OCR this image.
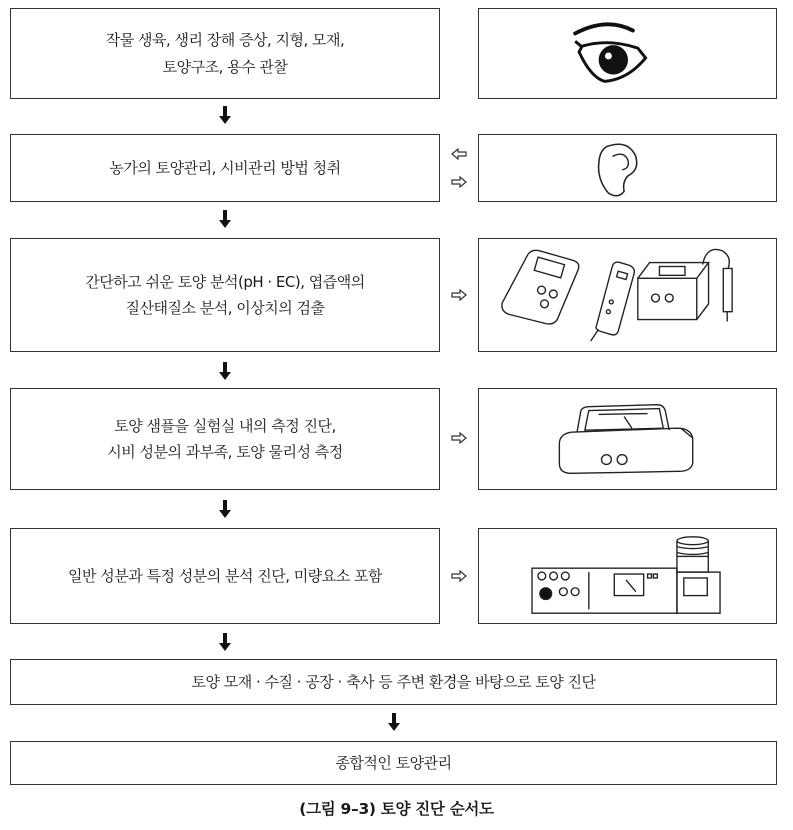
작물 생육, 생리 장해 증상, 지형, 모재,
토양구조, 용수 관찰
농가의 토양관리, 시비관리 방법 청취
간단하고 쉬운 토양 분석(pH · EC), 엽즙액의
질산태질소 분석, 이상치의 검출
토양 샘플을 실험실 내의 측정 진단,
시비 성분의 과부족, 토양 물리성 측정
일반 성분과 특정 성분의 분석 진단, 미량요소 포함
토양 모재 · 수질 · 공장 · 축사 등 주변 환경을 바탕으로 토양 진단
종합적인 토양관리
(그림 9–3) 토양 진단 순서도
